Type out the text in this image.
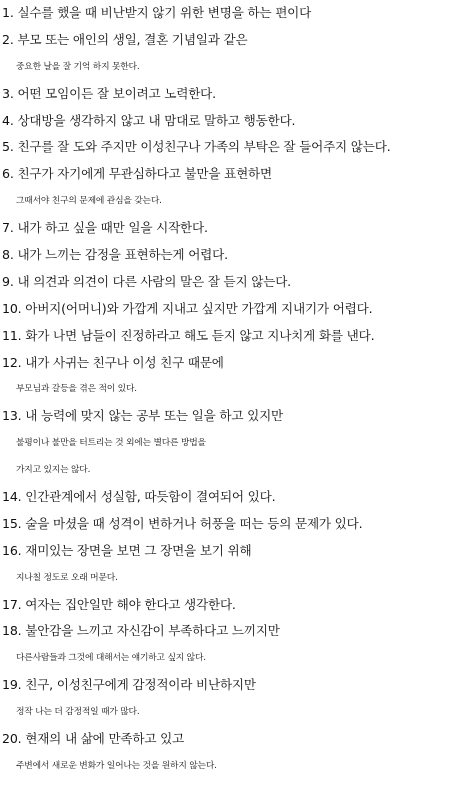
1. 실수를 했을 때 비난받지 않기 위한 변명을 하는 편이다
2. 부모 또는 애인의 생일, 결혼 기념일과 같은
중요한 날을 잘 기억 하지 못한다.
3. 어떤 모임이든 잘 보이려고 노력한다.
4. 상대방을 생각하지 않고 내 맘대로 말하고 행동한다.
5. 친구를 잘 도와 주지만 이성친구나 가족의 부탁은 잘 들어주지 않는다.
6. 친구가 자기에게 무관심하다고 불만을 표현하면
그때서야 친구의 문제에 관심을 갖는다.
7. 내가 하고 싶을 때만 일을 시작한다.
8. 내가 느끼는 감정을 표현하는게 어렵다.
9. 내 의견과 의견이 다른 사람의 말은 잘 듣지 않는다.
10. 아버지(어머니)와 가깝게 지내고 싶지만 가깝게 지내기가 어렵다.
11. 화가 나면 남들이 진정하라고 해도 듣지 않고 지나치게 화를 낸다.
12. 내가 사귀는 친구나 이성 친구 때문에
부모님과 갈등을 겪은 적이 있다.
13. 내 능력에 맞지 않는 공부 또는 일을 하고 있지만
불평이나 불만을 터트리는 것 외에는 별다른 방법을
가지고 있지는 않다.
14. 인간관계에서 성실함, 따듯함이 결여되어 있다.
15. 술을 마셨을 때 성격이 변하거나 허풍을 떠는 등의 문제가 있다.
16. 재미있는 장면을 보면 그 장면을 보기 위해
지나칠 정도로 오래 머문다.
17. 여자는 집안일만 해야 한다고 생각한다.
18. 불안감을 느끼고 자신감이 부족하다고 느끼지만
다른사람들과 그것에 대해서는 얘기하고 싶지 않다.
19. 친구, 이성친구에게 감정적이라 비난하지만
정작 나는 더 감정적일 때가 많다.
20. 현재의 내 삶에 만족하고 있고
주변에서 새로운 변화가 일어나는 것을 원하지 않는다.
